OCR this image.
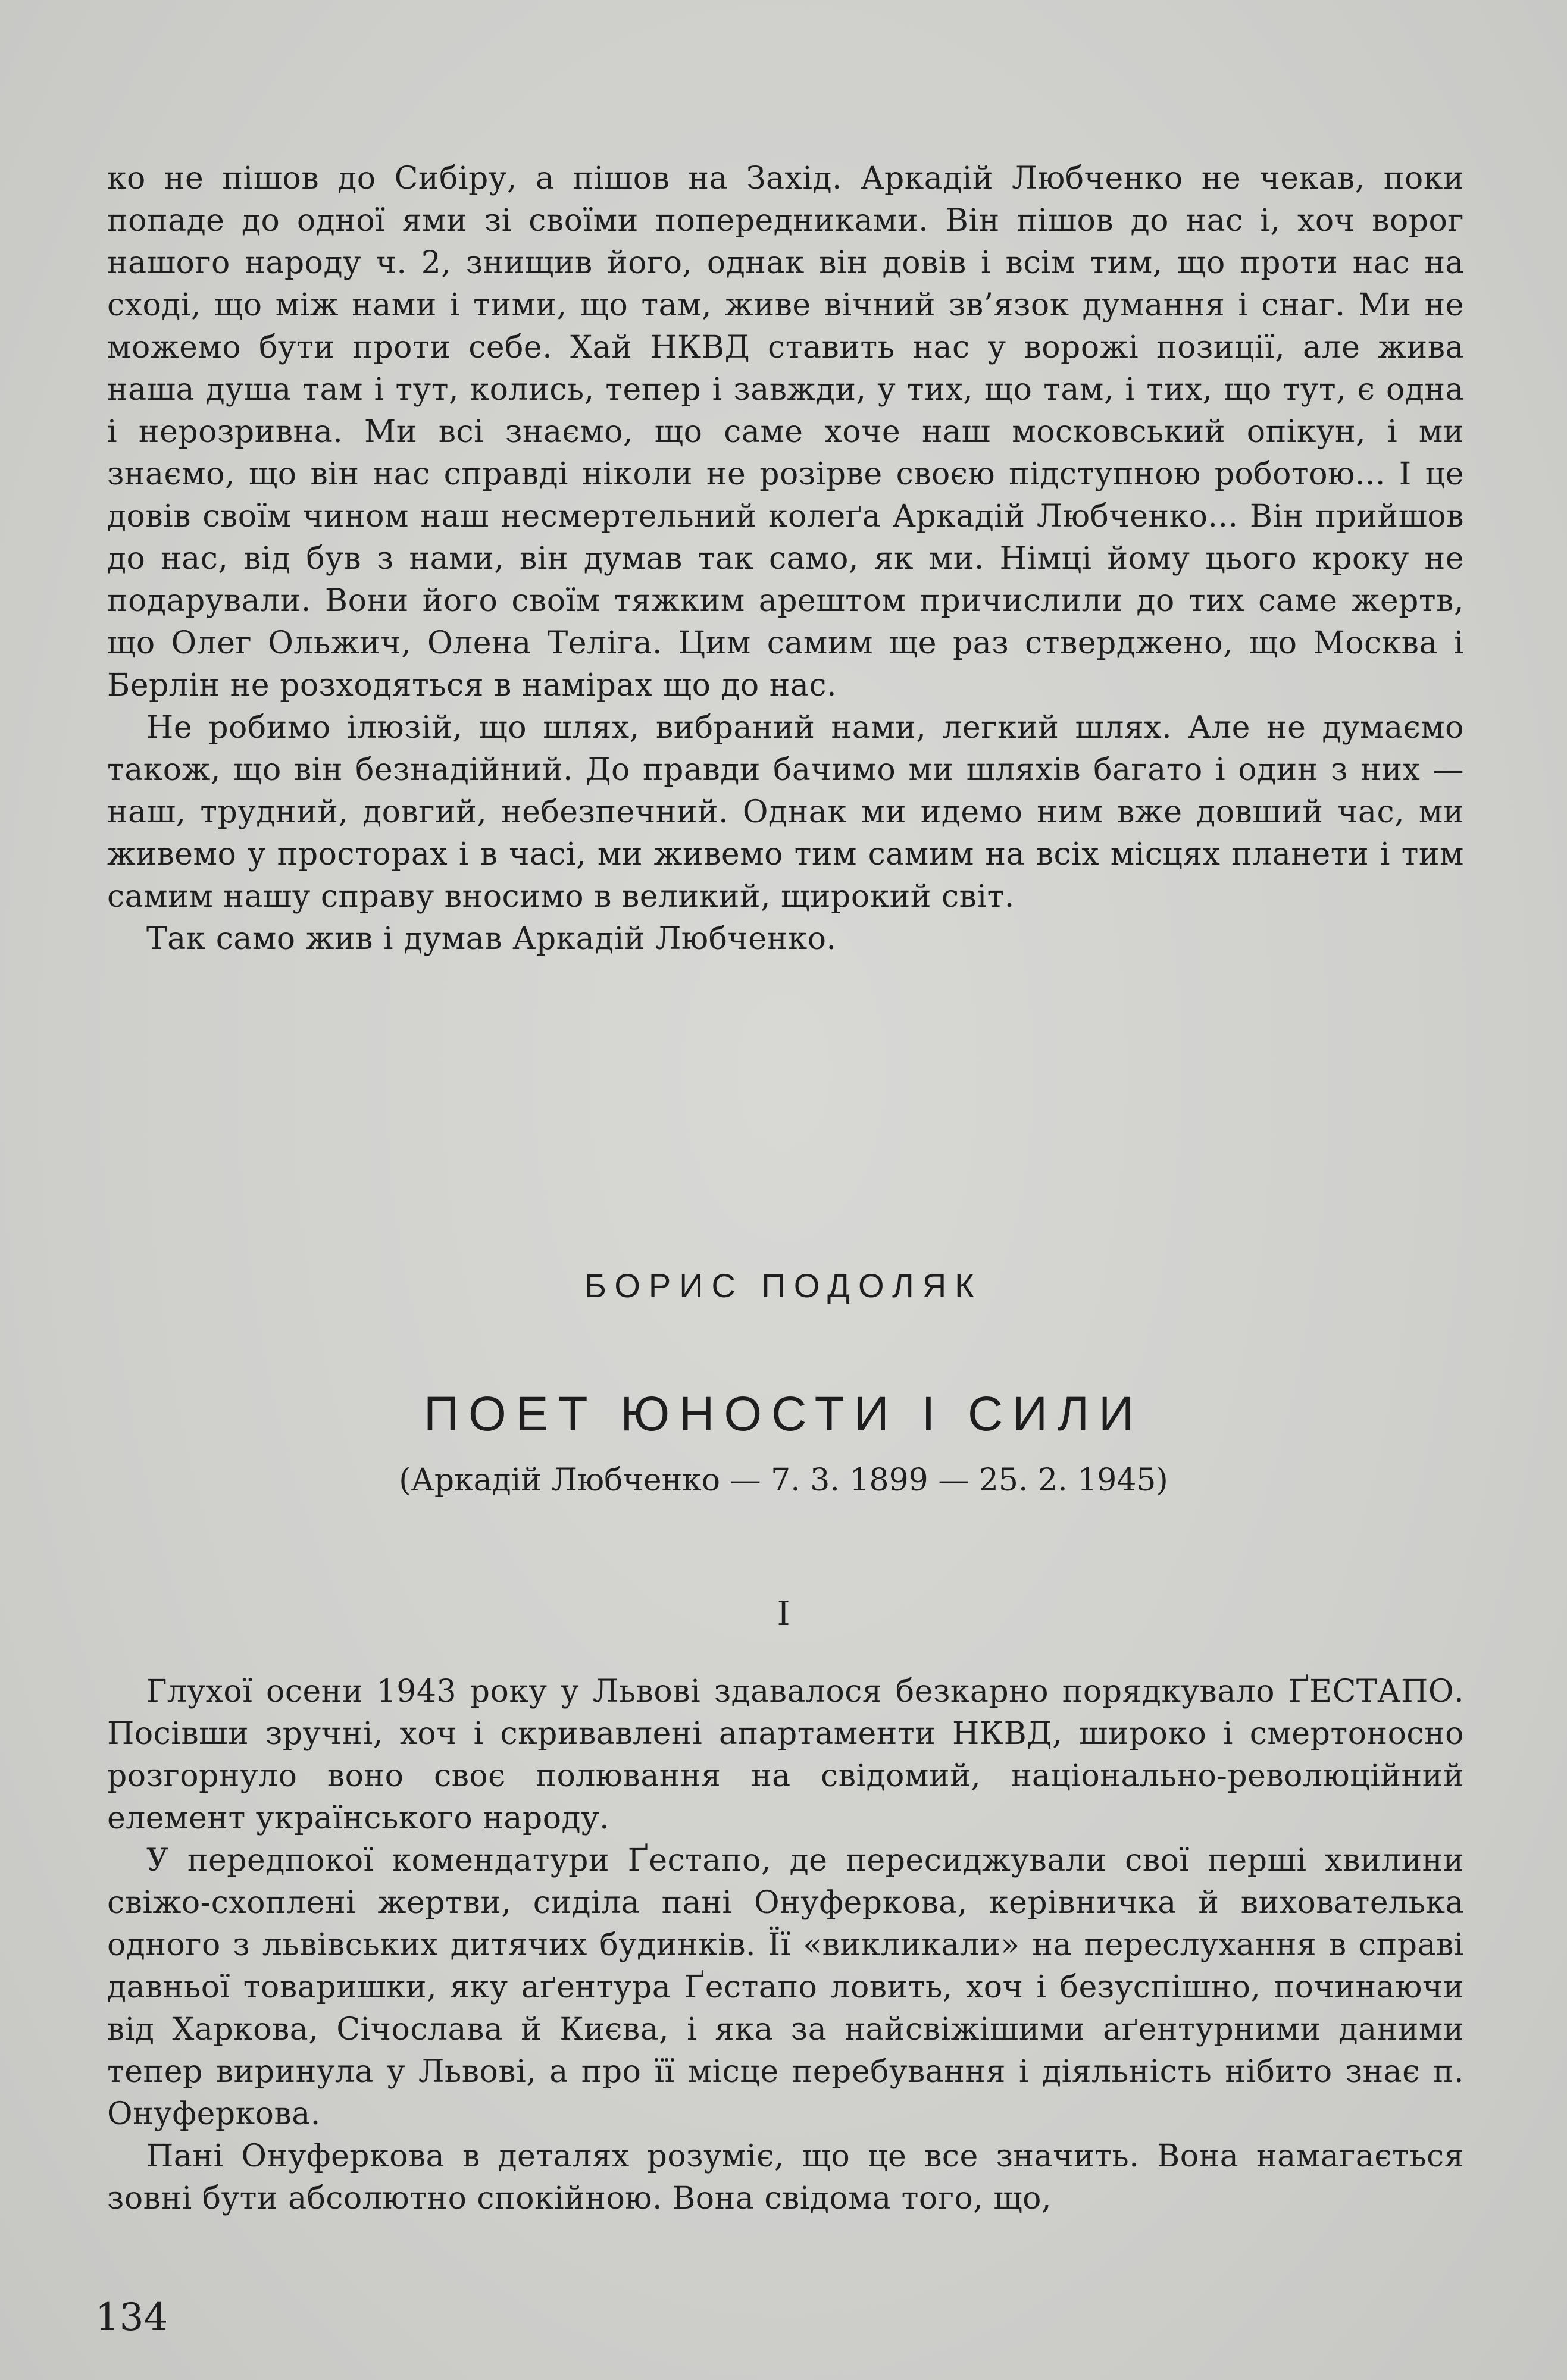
ко не пішов до Сибіру, а пішов на Захід. Аркадій Любченко не чекав, поки попаде до одної ями зі своїми попередниками. Він пішов до нас і, хоч ворог нашого народу ч. 2, знищив його, однак він довів і всім тим, що проти нас на сході, що між нами і тими, що там, живе вічний зв’язок думання і снаг. Ми не можемо бути проти себе. Хай НКВД ставить нас у ворожі позиції, але жива наша душа там і тут, колись, тепер і завжди, у тих, що там, і тих, що тут, є одна і нерозривна. Ми всі знаємо, що саме хоче наш московський опікун, і ми знаємо, що він нас справді ніколи не розірве своєю підступною роботою... І це довів своїм чином наш несмертельний колеґа Аркадій Любченко... Він прийшов до нас, від був з нами, він думав так само, як ми. Німці йому цього кроку не подарували. Вони його своїм тяжким арештом причислили до тих саме жертв, що Олег Ольжич, Олена Теліга. Цим самим ще раз стверджено, що Москва і Берлін не розходяться в намірах що до нас.

Не робимо ілюзій, що шлях, вибраний нами, легкий шлях. Але не думаємо також, що він безнадійний. До правди бачимо ми шляхів багато і один з них — наш, трудний, довгий, небезпечний. Однак ми идемо ним вже довший час, ми живемо у просторах і в часі, ми живемо тим самим на всіх місцях планети і тим самим нашу справу вносимо в великий, щирокий світ.

Так само жив і думав Аркадій Любченко.

БОРИС ПОДОЛЯК
ПОЕТ ЮНОСТИ І СИЛИ
(Аркадій Любченко — 7. 3. 1899 — 25. 2. 1945)
I

Глухої осени 1943 року у Львові здавалося безкарно порядкувало ҐЕСТАПО. Посівши зручні, хоч і скривавлені апартаменти НКВД, широко і смертоносно розгорнуло воно своє полювання на свідомий, національно-революційний елемент українського народу.

У передпокої комендатури Ґестапо, де пересиджували свої перші хвилини свіжо-схоплені жертви, сиділа пані Онуферкова, керівничка й вихователька одного з львівських дитячих будинків. Її «викликали» на переслухання в справі давньої товаришки, яку аґентура Ґестапо ловить, хоч і безуспішно, починаючи від Харкова, Січослава й Києва, і яка за найсвіжішими аґентурними даними тепер виринула у Львові, а про її місце перебування і діяльність нібито знає п. Онуферкова.

Пані Онуферкова в деталях розуміє, що це все значить. Вона намагається зовні бути абсолютно спокійною. Вона свідома того, що,

134
